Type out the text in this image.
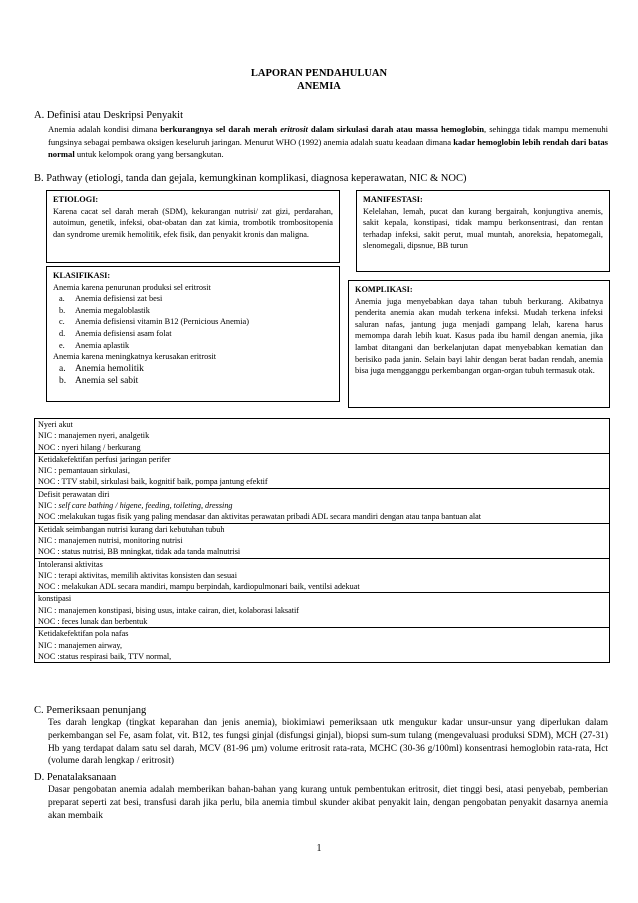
LAPORAN PENDAHULUAN
ANEMIA
A. Definisi atau Deskripsi Penyakit
Anemia adalah kondisi dimana berkurangnya sel darah merah eritrosit dalam sirkulasi darah atau massa hemoglobin, sehingga tidak mampu memenuhi fungsinya sebagai pembawa oksigen keseluruh jaringan. Menurut WHO (1992) anemia adalah suatu keadaan dimana kadar hemoglobin lebih rendah dari batas normal untuk kelompok orang yang bersangkutan.
B. Pathway (etiologi, tanda dan gejala, kemungkinan komplikasi, diagnosa keperawatan, NIC & NOC)
ETIOLOGI:
Karena cacat sel darah merah (SDM), kekurangan nutrisi/ zat gizi, perdarahan, autoimun, genetik, infeksi, obat-obatan dan zat kimia, trombotik trombositopenia dan syndrome uremik hemolitik, efek fisik, dan penyakit kronis dan maligna.
MANIFESTASI:
Kelelahan, lemah, pucat dan kurang bergairah, konjungtiva anemis, sakit kepala, konstipasi, tidak mampu berkonsentrasi, dan rentan terhadap infeksi, sakit perut, mual muntah, anoreksia, hepatomegali, slenomegali, dipsnue, BB turun
KLASIFIKASI:
Anemia karena penurunan produksi sel eritrosit
a. Anemia defisiensi zat besi
b. Anemia megaloblastik
c. Anemia defisiensi vitamin B12 (Pernicious Anemia)
d. Anemia defisiensi asam folat
e. Anemia aplastik
Anemia karena meningkatnya kerusakan eritrosit
a. Anemia hemolitik
b. Anemia sel sabit
KOMPLIKASI:
Anemia juga menyebabkan daya tahan tubuh berkurang. Akibatnya penderita anemia akan mudah terkena infeksi. Mudah terkena infeksi saluran nafas, jantung juga menjadi gampang lelah, karena harus memompa darah lebih kuat. Kasus pada ibu hamil dengan anemia, jika lambat ditangani dan berkelanjutan dapat menyebabkan kematian dan berisiko pada janin. Selain bayi lahir dengan berat badan rendah, anemia bisa juga mengganggu perkembangan organ-organ tubuh termasuk otak.
Nyeri akut
NIC : manajemen nyeri, analgetik
NOC : nyeri hilang / berkurang

Ketidakefektifan perfusi jaringan perifer
NIC : pemantauan sirkulasi,
NOC : TTV stabil, sirkulasi baik, kognitif baik, pompa jantung efektif

Defisit perawatan diri
NIC : self care bathing / higene, feeding, toileting, dressing
NOC :melakukan tugas fisik yang paling mendasar dan aktivitas perawatan pribadi ADL secara mandiri dengan atau tanpa bantuan alat

Ketidak seimbangan nutrisi kurang dari kebutuhan tubuh
NIC : manajemen nutrisi, monitoring nutrisi
NOC : status nutrisi, BB mningkat, tidak ada tanda malnutrisi

Intoleransi aktivitas
NIC : terapi aktivitas, memilih aktivitas konsisten dan sesuai
NOC : melakukan ADL secara mandiri, mampu berpindah, kardiopulmonari baik, ventilsi adekuat

konstipasi
NIC : manajemen konstipasi, bising usus, intake cairan, diet, kolaborasi laksatif
NOC : feces lunak dan berbentuk

Ketidakefektifan pola nafas
NIC : manajemen airway,
NOC :status respirasi baik, TTV normal,
C. Pemeriksaan penunjang
Tes darah lengkap (tingkat keparahan dan jenis anemia), biokimiawi pemeriksaan utk mengukur kadar unsur-unsur yang diperlukan dalam perkembangan sel Fe, asam folat, vit. B12, tes fungsi ginjal (disfungsi ginjal), biopsi sum-sum tulang (mengevaluasi produksi SDM), MCH (27-31) Hb yang terdapat dalam satu sel darah, MCV (81-96 µm) volume eritrosit rata-rata, MCHC (30-36 g/100ml) konsentrasi hemoglobin rata-rata, Hct (volume darah lengkap / eritrosit)
D. Penatalaksanaan
Dasar pengobatan anemia adalah memberikan bahan-bahan yang kurang untuk pembentukan eritrosit, diet tinggi besi, atasi penyebab, pemberian preparat seperti zat besi, transfusi darah jika perlu, bila anemia timbul skunder akibat penyakit lain, dengan pengobatan penyakit dasarnya anemia akan membaik
1
